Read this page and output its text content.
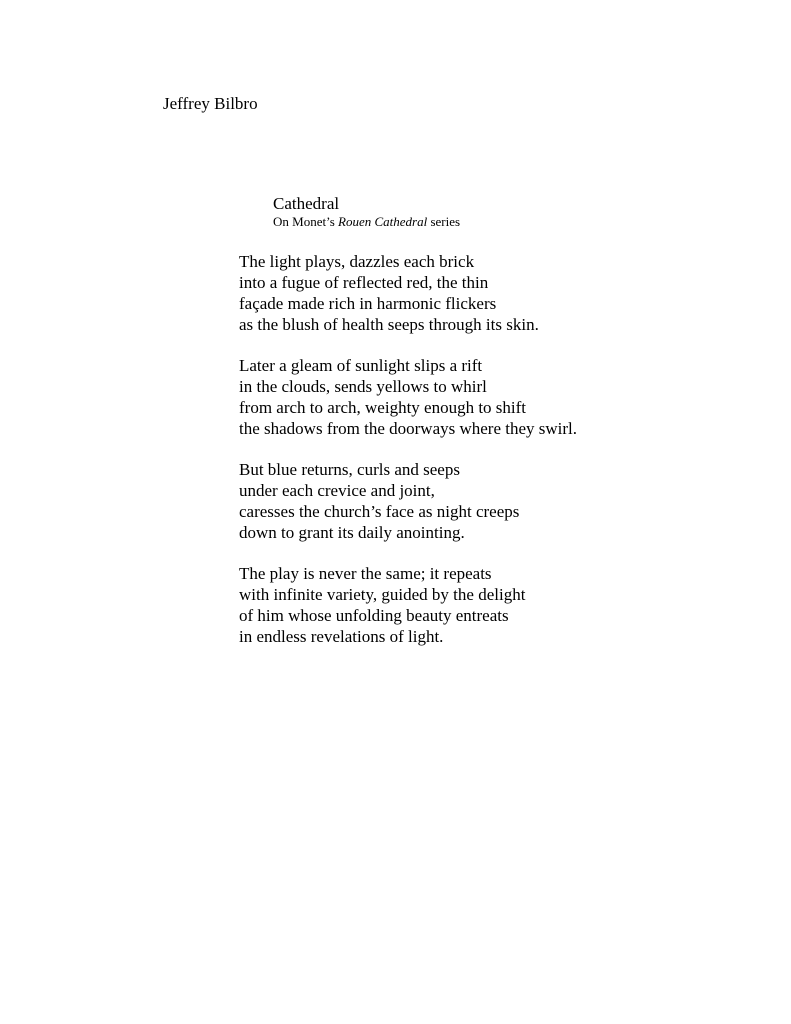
Jeffrey Bilbro

Cathedral

On Monet’s Rouen Cathedral series

The light plays, dazzles each brick
into a fugue of reflected red, the thin
façade made rich in harmonic flickers
as the blush of health seeps through its skin.
Later a gleam of sunlight slips a rift
in the clouds, sends yellows to whirl
from arch to arch, weighty enough to shift
the shadows from the doorways where they swirl.
But blue returns, curls and seeps
under each crevice and joint,
caresses the church’s face as night creeps
down to grant its daily anointing.
The play is never the same; it repeats
with infinite variety, guided by the delight
of him whose unfolding beauty entreats
in endless revelations of light.
